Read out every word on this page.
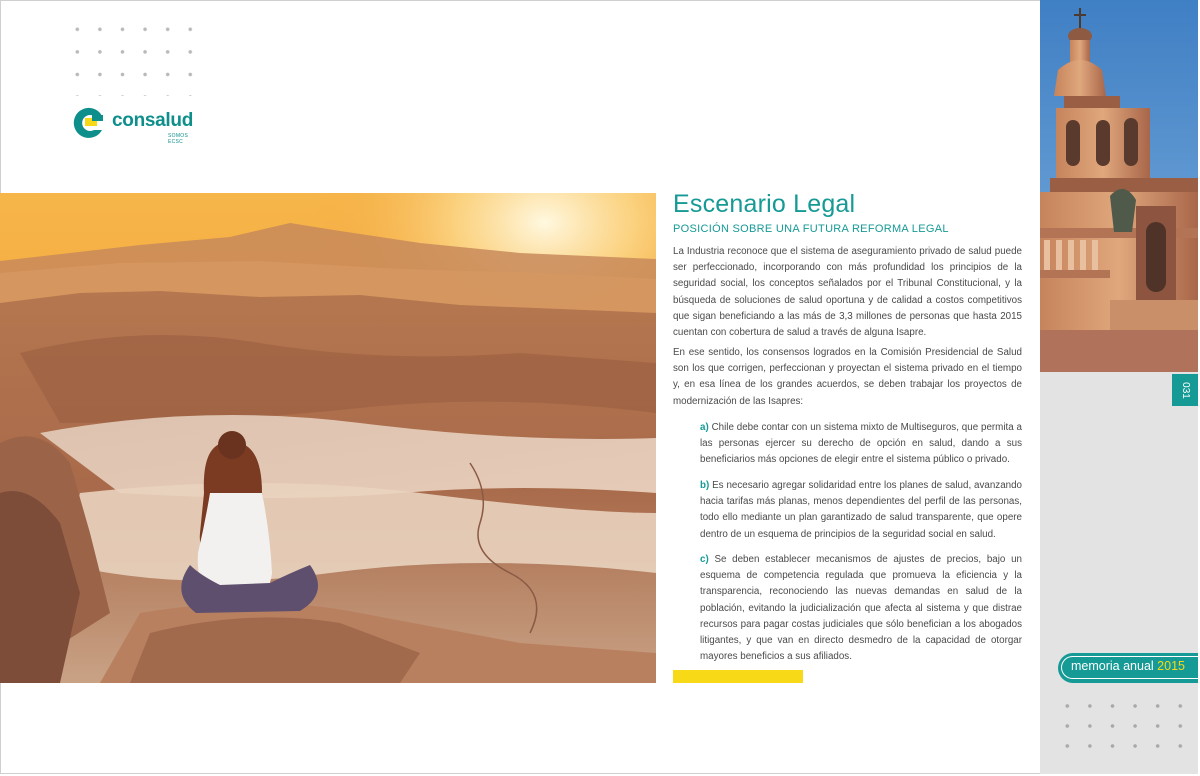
consalud
SOMOS ECSC
Escenario Legal
POSICIÓN SOBRE UNA FUTURA REFORMA LEGAL

La Industria reconoce que el sistema de aseguramiento privado de salud puede ser perfeccionado, incorporando con más profundidad los principios de la seguridad social, los conceptos señalados por el Tribunal Constitucional, y la búsqueda de soluciones de salud oportuna y de calidad a costos competitivos que sigan beneficiando a las más de 3,3 millones de personas que hasta 2015 cuentan con cobertura de salud a través de alguna Isapre.

En ese sentido, los consensos logrados en la Comisión Presidencial de Salud son los que corrigen, perfeccionan y proyectan el sistema privado en el tiempo y, en esa línea de los grandes acuerdos, se deben trabajar los proyectos de modernización de las Isapres:

a) Chile debe contar con un sistema mixto de Multiseguros, que permita a las personas ejercer su derecho de opción en salud, dando a sus beneficiarios más opciones de elegir entre el sistema público o privado.

b) Es necesario agregar solidaridad entre los planes de salud, avanzando hacia tarifas más planas, menos dependientes del perfil de las personas, todo ello mediante un plan garantizado de salud transparente, que opere dentro de un esquema de principios de la seguridad social en salud.

c) Se deben establecer mecanismos de ajustes de precios, bajo un esquema de competencia regulada que promueva la eficiencia y la transparencia, reconociendo las nuevas demandas en salud de la población, evitando la judicialización que afecta al sistema y que distrae recursos para pagar costas judiciales que sólo benefician a los abogados litigantes, y que van en directo desmedro de la capacidad de otorgar mayores beneficios a sus afiliados.

031
memoria anual 2015
